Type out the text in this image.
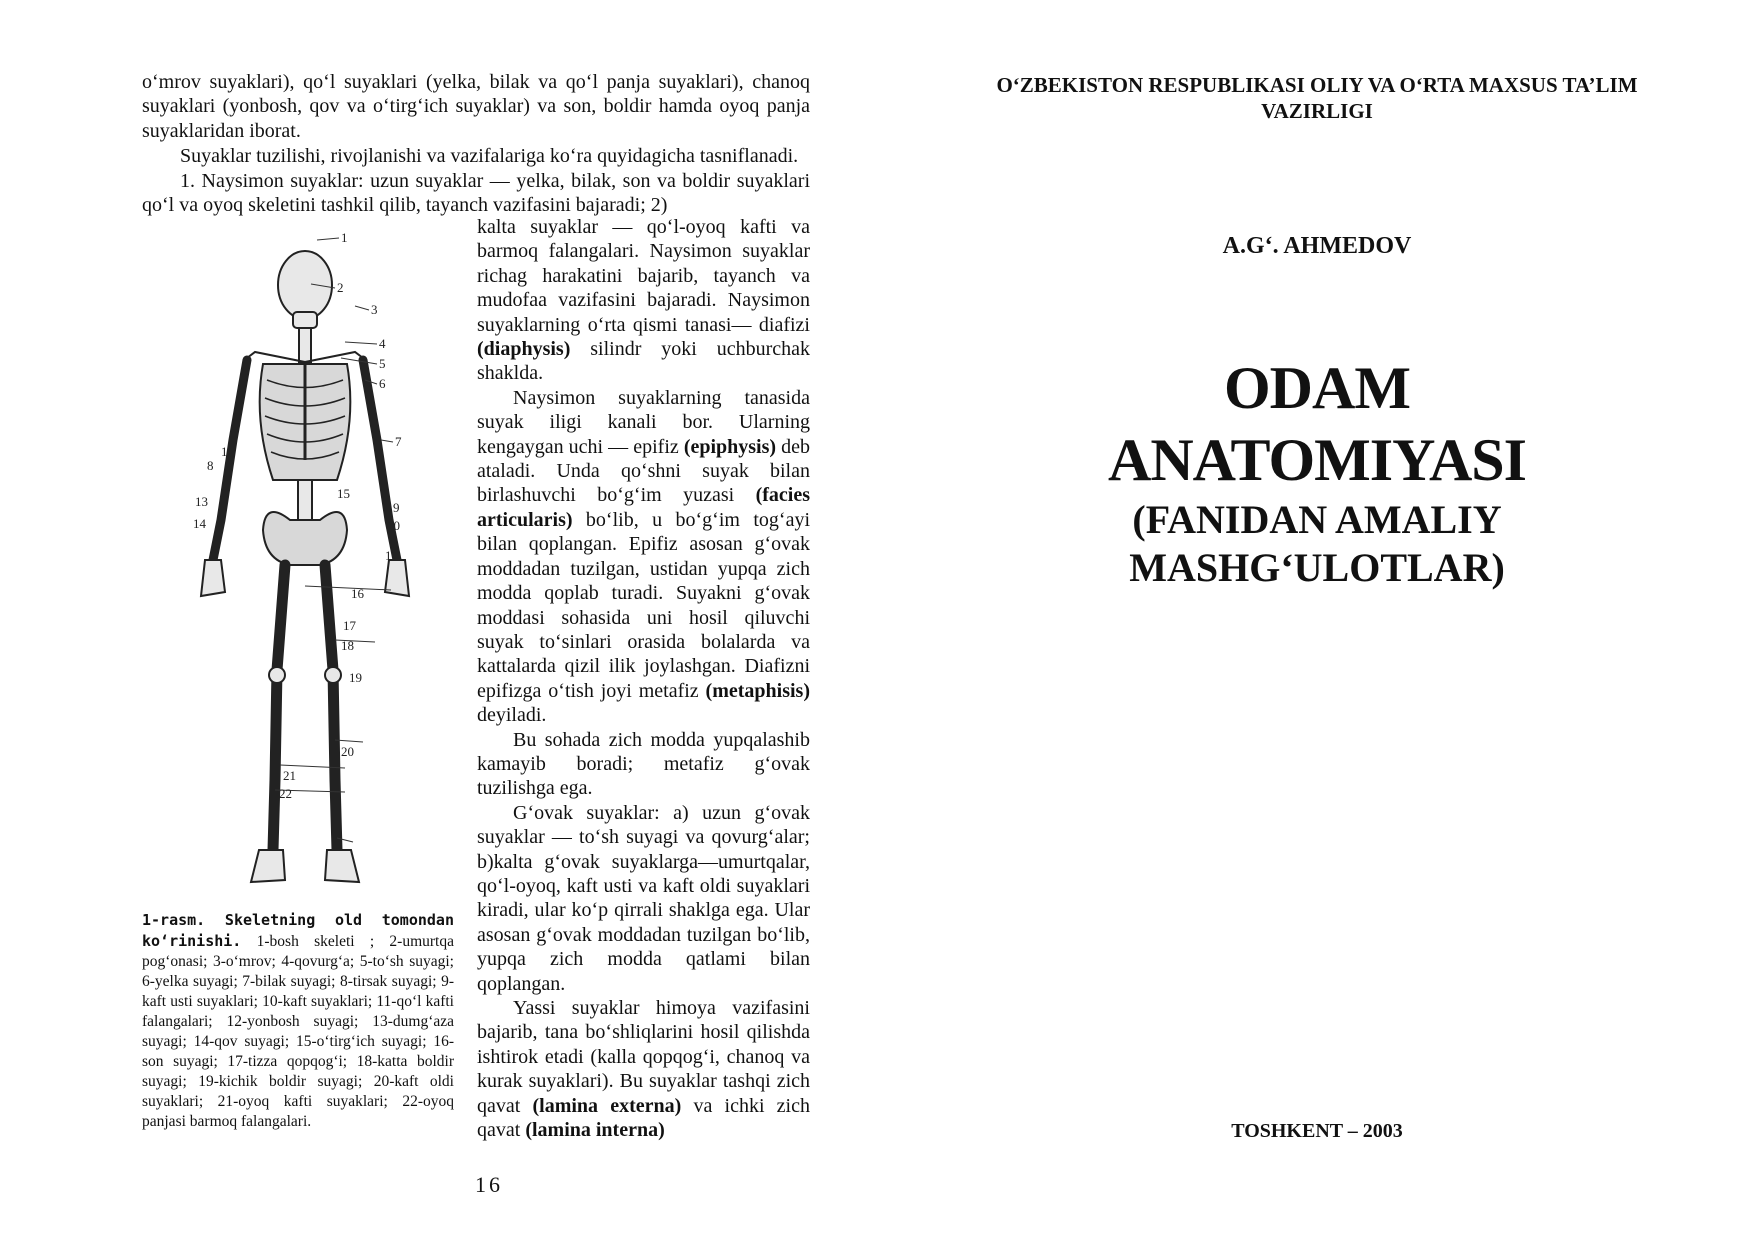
o‘mrov suyaklari), qo‘l suyaklari (yelka, bilak va qo‘l panja suyaklari), chanoq suyaklari (yonbosh, qov va o‘tirg‘ich suyaklar) va son, boldir hamda oyoq panja suyaklaridan iborat.

Suyaklar tuzilishi, rivojlanishi va vazifalariga ko‘ra quyidagicha tasniflanadi.

1. Naysimon suyaklar: uzun suyaklar — yelka, bilak, son va boldir suyaklari qo‘l va oyoq skeletini tashkil qilib, tayanch vazifasini bajaradi; 2)

kalta suyaklar — qo‘l-oyoq kafti va barmoq falangalari. Naysimon suyaklar richag harakatini bajarib, tayanch va mudofaa vazifasini bajaradi. Naysimon suyaklarning o‘rta qismi tanasi— diafizi (diaphysis) silindr yoki uchburchak shaklda.

Naysimon suyaklarning tanasida suyak iligi kanali bor. Ularning kengaygan uchi — epifiz (epiphysis) deb ataladi. Unda qo‘shni suyak bilan birlashuvchi bo‘g‘im yuzasi (facies articularis) bo‘lib, u bo‘g‘im tog‘ayi bilan qoplangan. Epifiz asosan g‘ovak moddadan tuzilgan, ustidan yupqa zich modda qoplab turadi. Suyakni g‘ovak moddasi sohasida uni hosil qiluvchi suyak to‘sinlari orasida bolalarda va kattalarda qizil ilik joylashgan. Diafizni epifizga o‘tish joyi metafiz (metaphisis) deyiladi.

Bu sohada zich modda yupqalashib kamayib boradi; metafiz g‘ovak tuzilishga ega.

G‘ovak suyaklar: a) uzun g‘ovak suyaklar — to‘sh suyagi va qovurg‘alar; b)kalta g‘ovak suyaklarga—umurtqalar, qo‘l-oyoq, kaft usti va kaft oldi suyaklari kiradi, ular ko‘p qirrali shaklga ega. Ular asosan g‘ovak moddadan tuzilgan bo‘lib, yupqa zich modda qatlami bilan qoplangan.

Yassi suyaklar himoya vazifasini bajarib, tana bo‘shliqlarini hosil qilishda ishtirok etadi (kalla qopqog‘i, chanoq va kurak suyaklari). Bu suyaklar tashqi zich qavat (lamina externa) va ichki zich qavat (lamina interna)

1
2
3
4
5
6
7
8
9
10
11
12
13
14
15
16
17
18
19
20
21
22
1-rasm. Skeletning old tomondan ko‘rinishi. 1-bosh skeleti ; 2-umurtqa pog‘onasi; 3-o‘mrov; 4-qovurg‘a; 5-to‘sh suyagi; 6-yelka suyagi; 7-bilak suyagi; 8-tirsak suyagi; 9-kaft usti suyaklari; 10-kaft suyaklari; 11-qo‘l kafti falangalari; 12-yonbosh suyagi; 13-dumg‘aza suyagi; 14-qov suyagi; 15-o‘tirg‘ich suyagi; 16-son suyagi; 17-tizza qopqog‘i; 18-katta boldir suyagi; 19-kichik boldir suyagi; 20-kaft oldi suyaklari; 21-oyoq kafti suyaklari; 22-oyoq panjasi barmoq falangalari.
16
O‘ZBEKISTON RESPUBLIKASI OLIY VA O‘RTA MAXSUS TA’LIM VAZIRLIGI
A.G‘. AHMEDOV
ODAM
ANATOMIYASI
(FANIDAN AMALIY
MASHG‘ULOTLAR)
TOSHKENT – 2003
